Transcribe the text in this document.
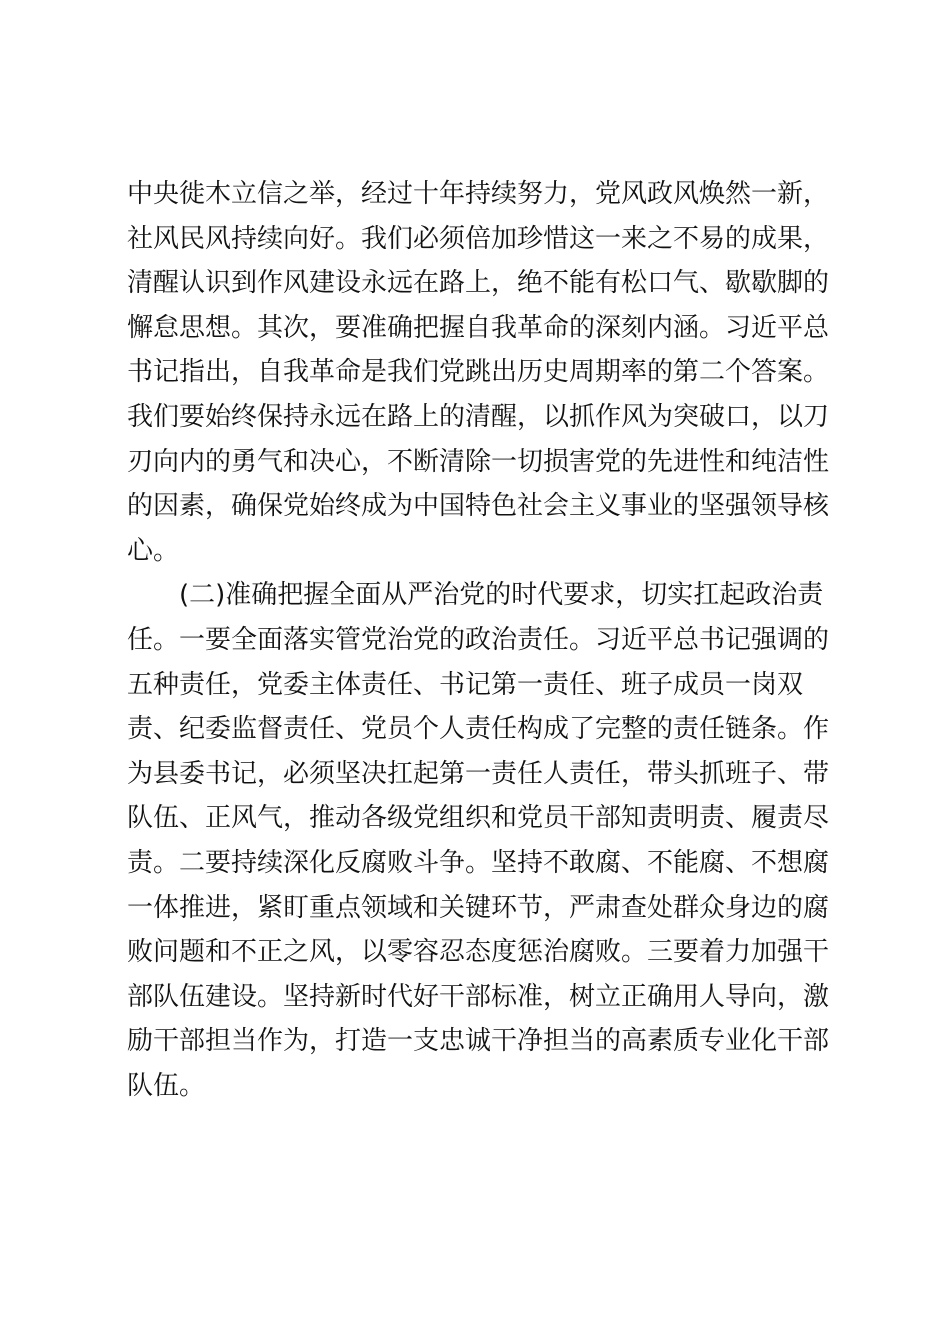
中央徙木立信之举，经过十年持续努力，党风政风焕然一新，
社风民风持续向好。我们必须倍加珍惜这一来之不易的成果，
清醒认识到作风建设永远在路上，绝不能有松口气、歇歇脚的
懈怠思想。其次，要准确把握自我革命的深刻内涵。习近平总
书记指出，自我革命是我们党跳出历史周期率的第二个答案。
我们要始终保持永远在路上的清醒，以抓作风为突破口，以刀
刃向内的勇气和决心，不断清除一切损害党的先进性和纯洁性
的因素，确保党始终成为中国特色社会主义事业的坚强领导核
心。
(二)准确把握全面从严治党的时代要求，切实扛起政治责
任。一要全面落实管党治党的政治责任。习近平总书记强调的
五种责任，党委主体责任、书记第一责任、班子成员一岗双
责、纪委监督责任、党员个人责任构成了完整的责任链条。作
为县委书记，必须坚决扛起第一责任人责任，带头抓班子、带
队伍、正风气，推动各级党组织和党员干部知责明责、履责尽
责。二要持续深化反腐败斗争。坚持不敢腐、不能腐、不想腐
一体推进，紧盯重点领域和关键环节，严肃查处群众身边的腐
败问题和不正之风，以零容忍态度惩治腐败。三要着力加强干
部队伍建设。坚持新时代好干部标准，树立正确用人导向，激
励干部担当作为，打造一支忠诚干净担当的高素质专业化干部
队伍。
